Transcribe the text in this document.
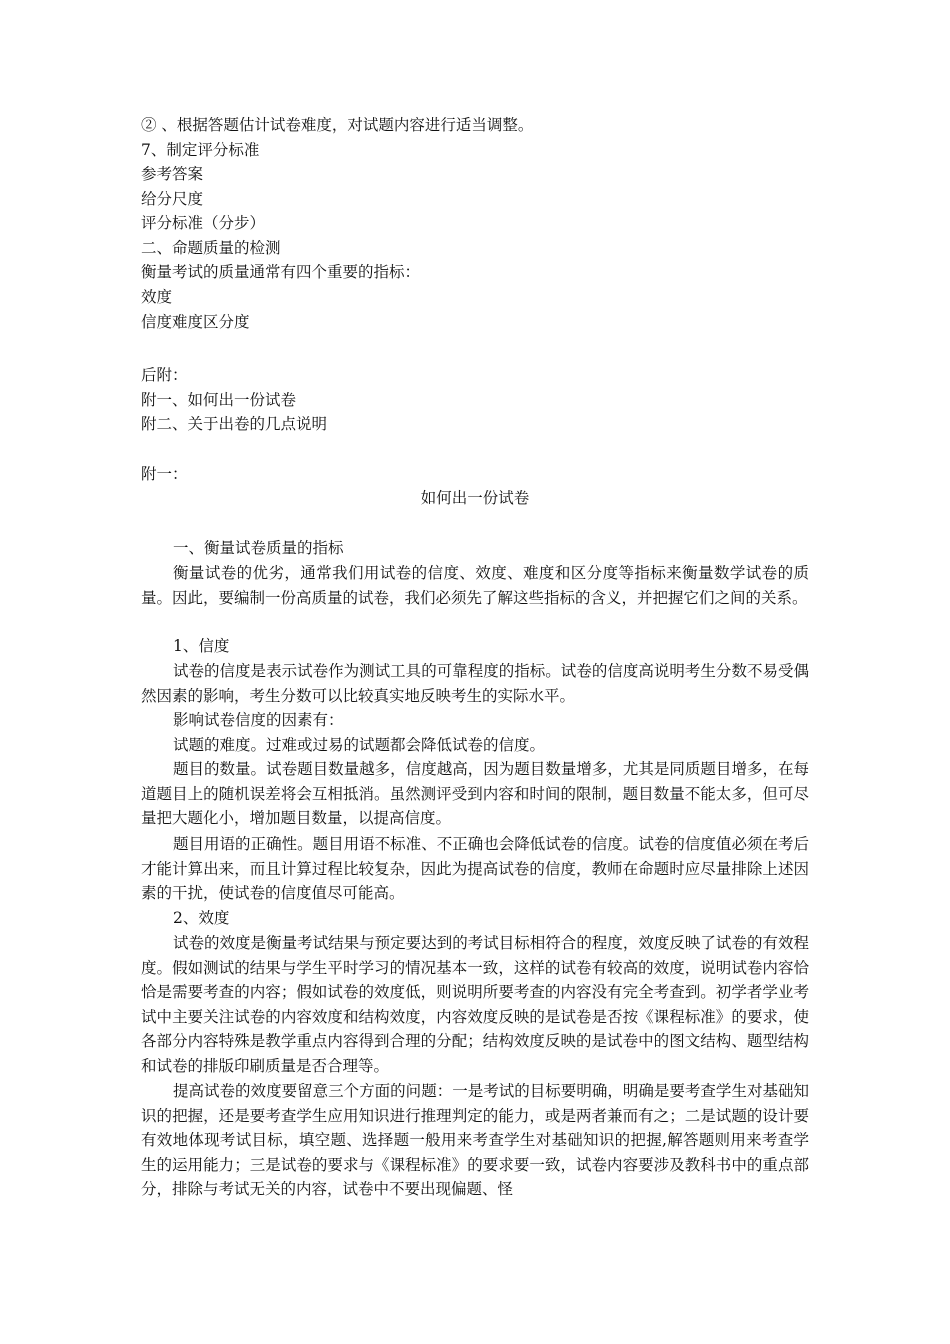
② 、根据答题估计试卷难度，对试题内容进行适当调整。
7、制定评分标准
参考答案
给分尺度
评分标准（分步）
二、命题质量的检测
衡量考试的质量通常有四个重要的指标：
效度
信度难度区分度
后附：
附一、如何出一份试卷
附二、关于出卷的几点说明
附一：
如何出一份试卷
一、衡量试卷质量的指标
衡量试卷的优劣，通常我们用试卷的信度、效度、难度和区分度等指标来衡量数学试卷的质量。因此，要编制一份高质量的试卷，我们必须先了解这些指标的含义，并把握它们之间的关系。
1、信度
试卷的信度是表示试卷作为测试工具的可靠程度的指标。试卷的信度高说明考生分数不易受偶然因素的影响，考生分数可以比较真实地反映考生的实际水平。
影响试卷信度的因素有：
试题的难度。过难或过易的试题都会降低试卷的信度。
题目的数量。试卷题目数量越多，信度越高，因为题目数量增多，尤其是同质题目增多，在每道题目上的随机误差将会互相抵消。虽然测评受到内容和时间的限制，题目数量不能太多，但可尽量把大题化小，增加题目数量，以提高信度。
题目用语的正确性。题目用语不标准、不正确也会降低试卷的信度。试卷的信度值必须在考后才能计算出来，而且计算过程比较复杂，因此为提高试卷的信度，教师在命题时应尽量排除上述因素的干扰，使试卷的信度值尽可能高。
2、效度
试卷的效度是衡量考试结果与预定要达到的考试目标相符合的程度，效度反映了试卷的有效程度。假如测试的结果与学生平时学习的情况基本一致，这样的试卷有较高的效度，说明试卷内容恰恰是需要考查的内容；假如试卷的效度低，则说明所要考查的内容没有完全考查到。初学者学业考试中主要关注试卷的内容效度和结构效度，内容效度反映的是试卷是否按《课程标准》的要求，使各部分内容特殊是教学重点内容得到合理的分配；结构效度反映的是试卷中的图文结构、题型结构和试卷的排版印刷质量是否合理等。
提高试卷的效度要留意三个方面的问题：一是考试的目标要明确，明确是要考查学生对基础知识的把握，还是要考查学生应用知识进行推理判定的能力，或是两者兼而有之；二是试题的设计要有效地体现考试目标，填空题、选择题一般用来考查学生对基础知识的把握,解答题则用来考查学生的运用能力；三是试卷的要求与《课程标准》的要求要一致，试卷内容要涉及教科书中的重点部分，排除与考试无关的内容，试卷中不要出现偏题、怪
